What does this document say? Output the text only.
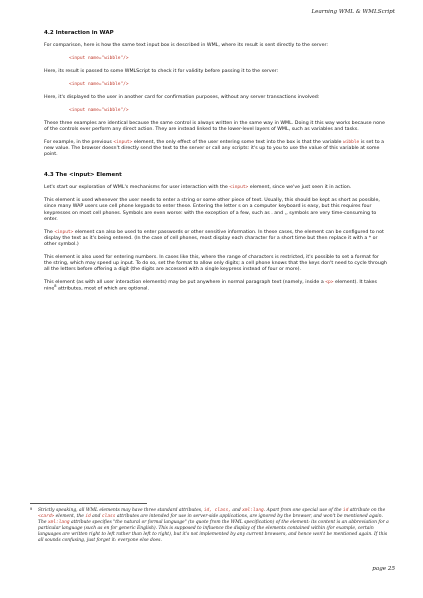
Learning WML & WMLScript
4.2 Interaction in WAP

For comparison, here is how the same text input box is described in WML, where its result is sent directly to the server:

<input name="wibble"/>

Here, its result is passed to some WMLScript to check it for validity before passing it to the server:

<input name="wibble"/>

Here, it's displayed to the user in another card for confirmation purposes, without any server transactions involved:

<input name="wibble"/>

These three examples are identical because the same control is always written in the same way in WML. Doing it this way works because none of the controls ever perform any direct action. They are instead linked to the lower-level layers of WML, such as variables and tasks.

For example, in the previous <input> element, the only effect of the user entering some text into the box is that the variable wibble is set to a new value. The browser doesn't directly send the text to the server or call any scripts: it's up to you to use the value of this variable at some point.

4.3 The <input> Element

Let's start our exploration of WML's mechanisms for user interaction with the <input> element, since we've just seen it in action.

This element is used whenever the user needs to enter a string or some other piece of text. Usually, this should be kept as short as possible, since many WAP users use cell phone keypads to enter these. Entering the letter s on a computer keyboard is easy, but this requires four keypresses on most cell phones. Symbols are even worse: with the exception of a few, such as . and ,, symbols are very time-consuming to enter.

The <input> element can also be used to enter passwords or other sensitive information. In these cases, the element can be configured to not display the text as it's being entered. (In the case of cell phones, most display each character for a short time but then replace it with a * or other symbol.)

This element is also used for entering numbers. In cases like this, where the range of characters is restricted, it's possible to set a format for the string, which may speed up input. To do so, set the format to allow only digits; a cell phone knows that the keys don't need to cycle through all the letters before offering a digit (the digits are accessed with a single keypress instead of four or more).

This element (as with all user interaction elements) may be put anywhere in normal paragraph text (namely, inside a <p> element). It takes nine$^8$ attributes, most of which are optional.

8 Strictly speaking, all WML elements may have three standard attributes, id, class, and xml:lang. Apart from one special use of the id attribute on the <card> element, the id and class attributes are intended for use in server-side applications, are ignored by the browser, and won't be mentioned again. The xml:lang attribute specifies "the natural or formal language" (to quote from the WML specification) of the element: its content is an abbreviation for a particular language (such as en for generic English). This is supposed to influence the display of the elements contained within (for example, certain languages are written right to left rather than left to right), but it's not implemented by any current browsers, and hence won't be mentioned again. If this all sounds confusing, just forget it: everyone else does.
page 25
